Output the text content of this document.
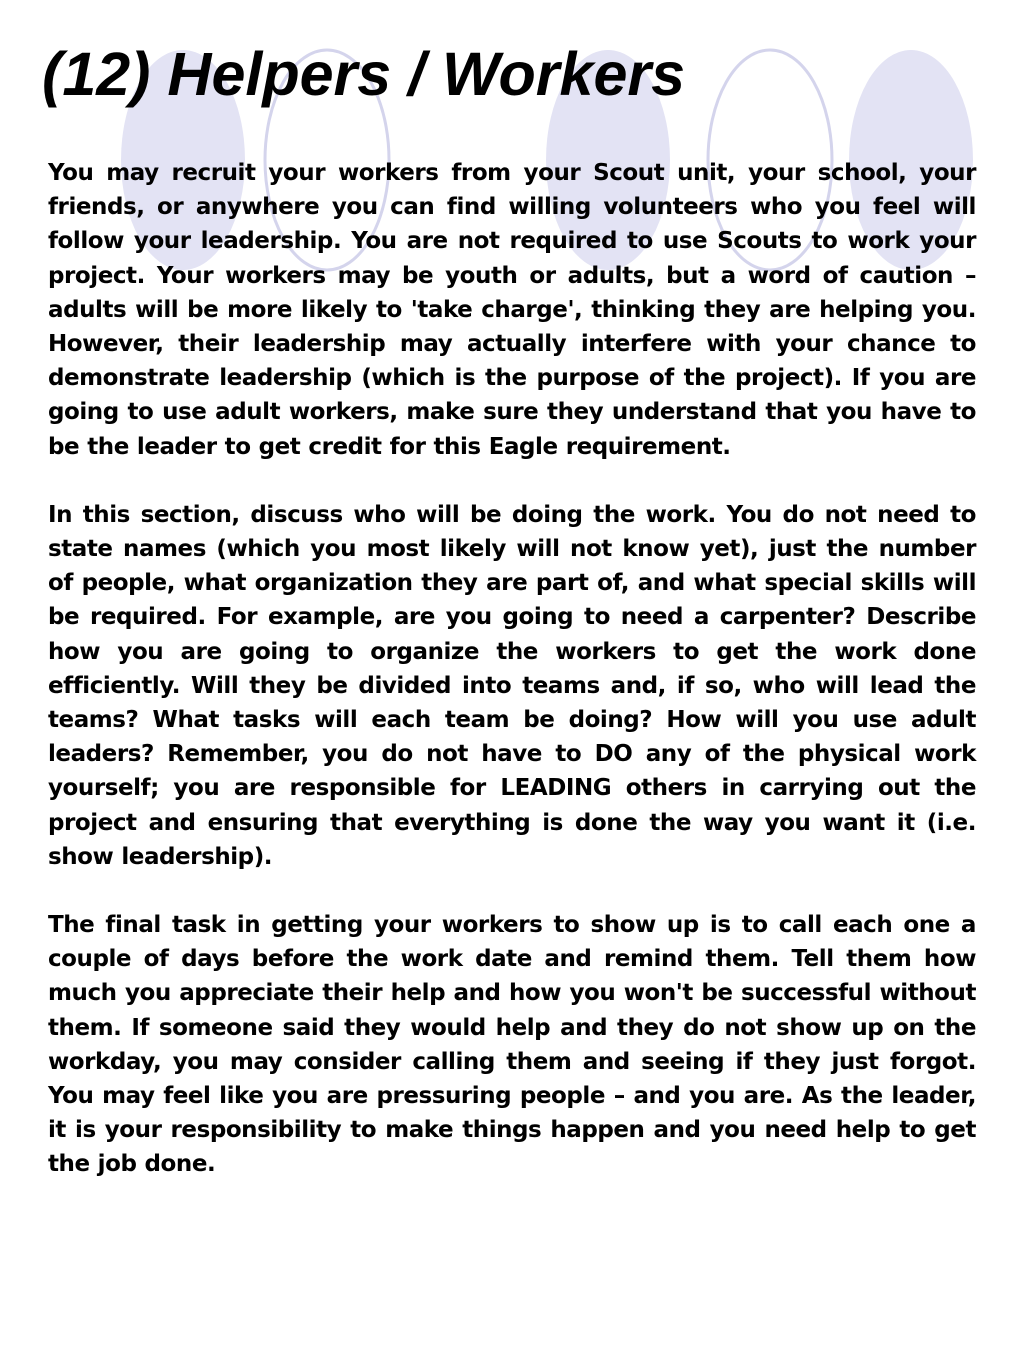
(12) Helpers / Workers

You may recruit your workers from your Scout unit, your school, your friends, or anywhere you can find willing volunteers who you feel will follow your leadership. You are not required to use Scouts to work your project. Your workers may be youth or adults, but a word of caution – adults will be more likely to 'take charge', thinking they are helping you. However, their leadership may actually interfere with your chance to demonstrate leadership (which is the purpose of the project). If you are going to use adult workers, make sure they understand that you have to be the leader to get credit for this Eagle requirement.

In this section, discuss who will be doing the work. You do not need to state names (which you most likely will not know yet), just the number of people, what organization they are part of, and what special skills will be required. For example, are you going to need a carpenter? Describe how you are going to organize the workers to get the work done efficiently. Will they be divided into teams and, if so, who will lead the teams? What tasks will each team be doing? How will you use adult leaders? Remember, you do not have to DO any of the physical work yourself; you are responsible for LEADING others in carrying out the project and ensuring that everything is done the way you want it (i.e. show leadership).

The final task in getting your workers to show up is to call each one a couple of days before the work date and remind them. Tell them how much you appreciate their help and how you won't be successful without them. If someone said they would help and they do not show up on the workday, you may consider calling them and seeing if they just forgot. You may feel like you are pressuring people – and you are. As the leader, it is your responsibility to make things happen and you need help to get the job done.
